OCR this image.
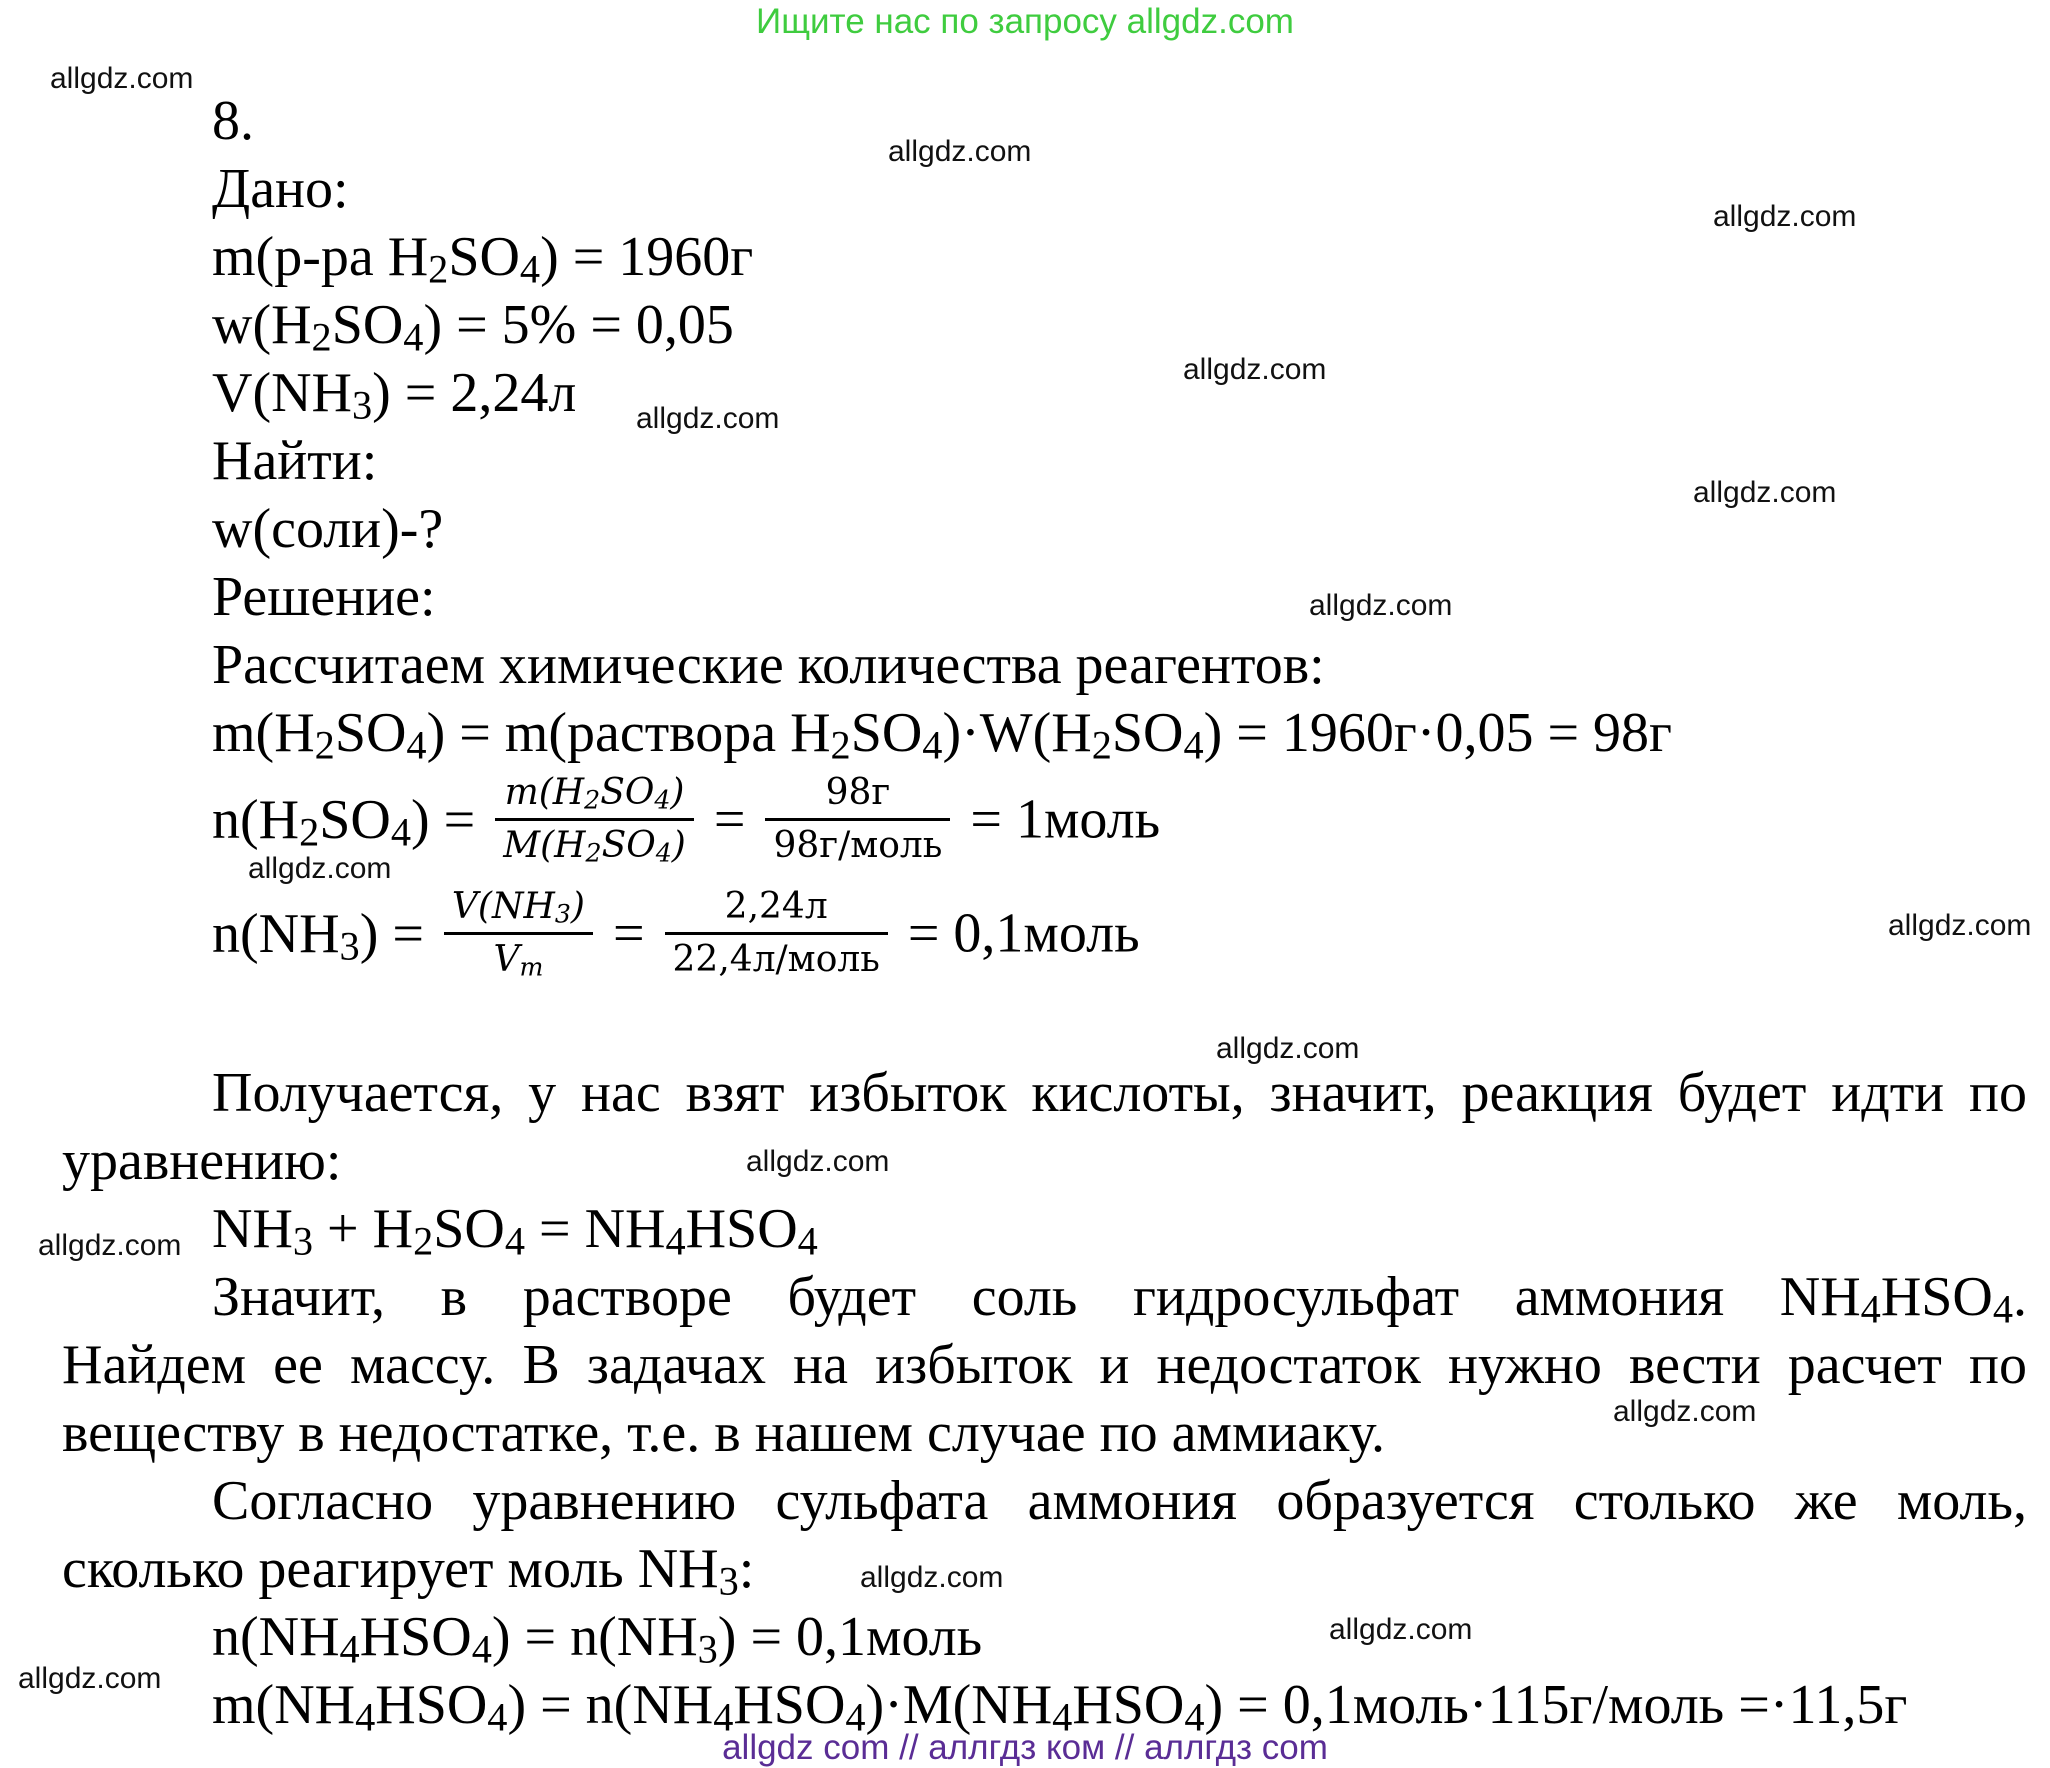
Ищите нас по запросу allgdz.com
allgdz.com
allgdz.com
allgdz.com
allgdz.com
allgdz.com
allgdz.com
allgdz.com
allgdz.com
allgdz.com
allgdz.com
allgdz.com
allgdz.com
allgdz.com
allgdz.com
allgdz.com
allgdz.com
8.
Дано:
m(р-ра $H_2SO_4) = 1960г$
$w(H_2SO_4) = 5\% = 0,05$
$V(NH_3) = 2,24л$
Найти:
w(соли)-?
Решение:
Рассчитаем химические количества реагентов:
$m(H_2SO_4)$ = m(раствора $H_2SO_4)\cdot W(H_2SO_4) = 1960г\cdot 0,05 = 98г$
$n(H_2SO_4) = \frac{m(H_2SO_4)}{M(H_2SO_4)} = \frac{98г}{\text{98г/моль}}$ = 1моль
$n(NH_3) = \frac{V(NH_3)}{V_m} = \frac{2,24л}{\text{22,4л/моль}}$ = 0,1моль
Получается, у нас взят избыток кислоты, значит, реакция будет идти по
уравнению:
$NH_3 + H_2SO_4 = NH_4HSO_4$
Значит, в растворе будет соль гидросульфат аммония $NH_4HSO_4$.
Найдем ее массу. В задачах на избыток и недостаток нужно вести расчет по
веществу в недостатке, т.е. в нашем случае по аммиаку.
Согласно уравнению сульфата аммония образуется столько же моль,
сколько реагирует моль $NH_3$:
$n(NH_4HSO_4) = n(NH_3)$ = 0,1моль
$m(NH_4HSO_4) = n(NH_4HSO_4)\cdot M(NH_4HSO_4)$ = 0,1моль·115г/моль =·11,5г
allgdz com // аллгдз ком // аллгдз com
